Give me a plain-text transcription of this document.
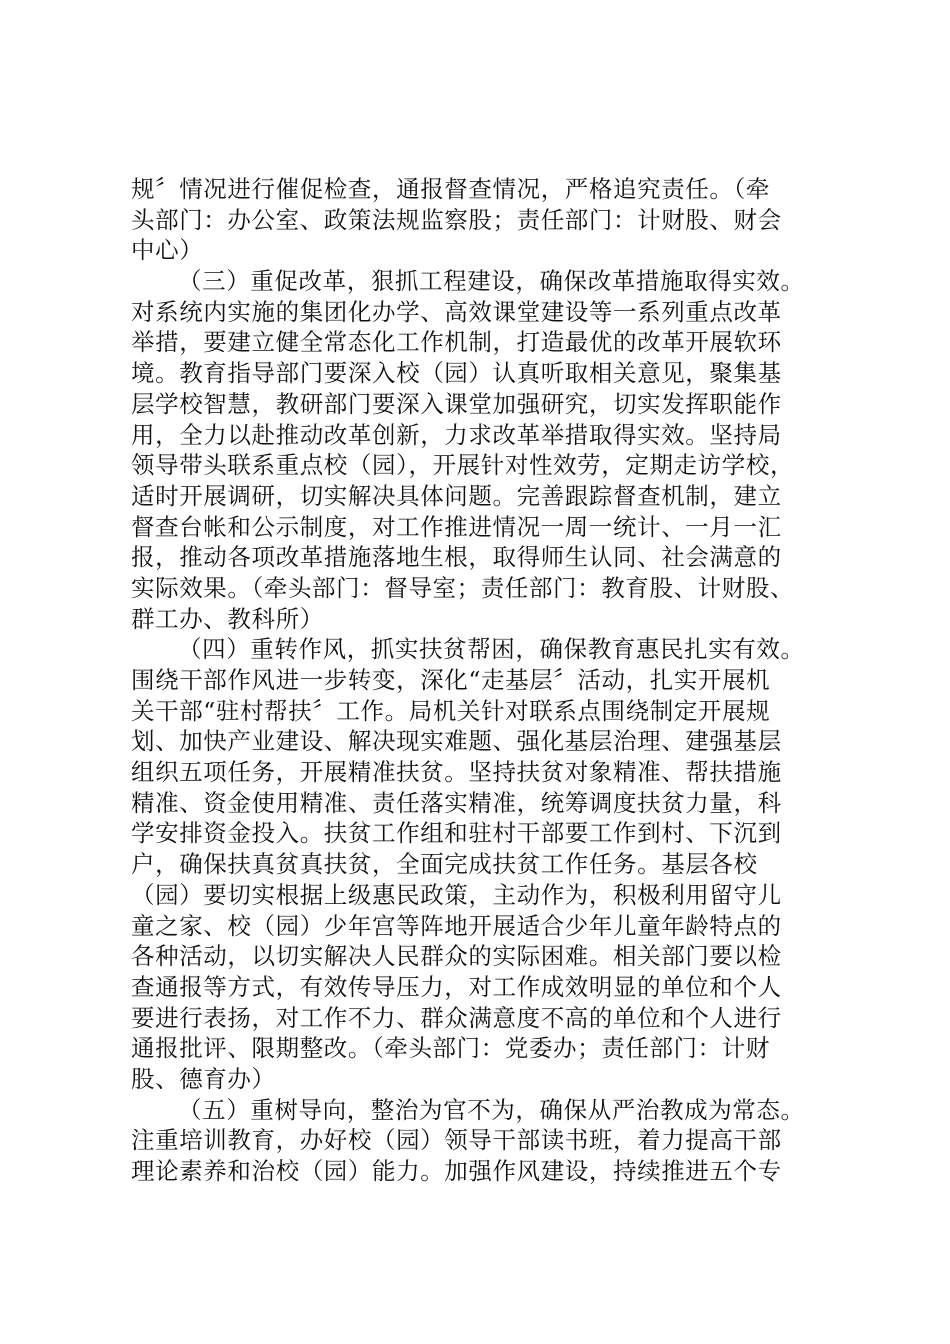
规〞情况进行催促检查，通报督查情况，严格追究责任。（牵
头部门：办公室、政策法规监察股；责任部门：计财股、财会
中心）
（三）重促改革，狠抓工程建设，确保改革措施取得实效。
对系统内实施的集团化办学、高效课堂建设等一系列重点改革
举措，要建立健全常态化工作机制，打造最优的改革开展软环
境。教育指导部门要深入校（园）认真听取相关意见，聚集基
层学校智慧，教研部门要深入课堂加强研究，切实发挥职能作
用，全力以赴推动改革创新，力求改革举措取得实效。坚持局
领导带头联系重点校（园），开展针对性效劳，定期走访学校，
适时开展调研，切实解决具体问题。完善跟踪督查机制，建立
督查台帐和公示制度，对工作推进情况一周一统计、一月一汇
报，推动各项改革措施落地生根，取得师生认同、社会满意的
实际效果。（牵头部门：督导室；责任部门：教育股、计财股、
群工办、教科所）
（四）重转作风，抓实扶贫帮困，确保教育惠民扎实有效。
围绕干部作风进一步转变，深化“走基层〞活动，扎实开展机
关干部“驻村帮扶〞工作。局机关针对联系点围绕制定开展规
划、加快产业建设、解决现实难题、强化基层治理、建强基层
组织五项任务，开展精准扶贫。坚持扶贫对象精准、帮扶措施
精准、资金使用精准、责任落实精准，统筹调度扶贫力量，科
学安排资金投入。扶贫工作组和驻村干部要工作到村、下沉到
户，确保扶真贫真扶贫，全面完成扶贫工作任务。基层各校
（园）要切实根据上级惠民政策，主动作为，积极利用留守儿
童之家、校（园）少年宫等阵地开展适合少年儿童年龄特点的
各种活动，以切实解决人民群众的实际困难。相关部门要以检
查通报等方式，有效传导压力，对工作成效明显的单位和个人
要进行表扬，对工作不力、群众满意度不高的单位和个人进行
通报批评、限期整改。（牵头部门：党委办；责任部门：计财
股、德育办）
（五）重树导向，整治为官不为，确保从严治教成为常态。
注重培训教育，办好校（园）领导干部读书班，着力提高干部
理论素养和治校（园）能力。加强作风建设，持续推进五个专
